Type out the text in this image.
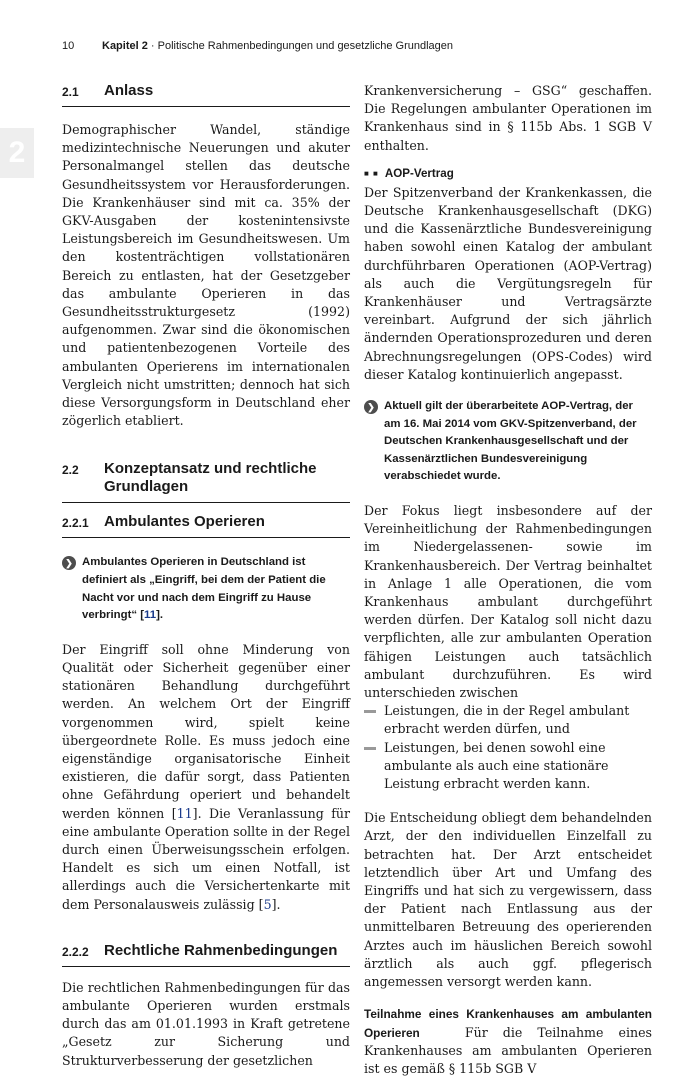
10	Kapitel 2 · Politische Rahmenbedingungen und gesetzliche Grundlagen
2
2.1	Anlass

Demographischer Wandel, ständige medizintechnische Neuerungen und akuter Personalmangel stellen das deutsche Gesundheitssystem vor Herausforderungen. Die Krankenhäuser sind mit ca. 35% der GKV-Ausgaben der kostenintensivste Leistungsbereich im Gesundheitswesen. Um den kostenträchtigen vollstationären Bereich zu entlasten, hat der Gesetzgeber das ambulante Operieren in das Gesundheitsstrukturgesetz (1992) aufgenommen. Zwar sind die ökonomischen und patientenbezogenen Vorteile des ambulanten Operierens im internationalen Vergleich nicht umstritten; dennoch hat sich diese Versorgungsform in Deutschland eher zögerlich etabliert.

2.2	Konzeptansatz und rechtliche Grundlagen
2.2.1	Ambulantes Operieren
❯ Ambulantes Operieren in Deutschland ist definiert als „Eingriff, bei dem der Patient die Nacht vor und nach dem Eingriff zu Hause verbringt“ [11].

Der Eingriff soll ohne Minderung von Qualität oder Sicherheit gegenüber einer stationären Behandlung durchgeführt werden. An welchem Ort der Eingriff vorgenommen wird, spielt keine übergeordnete Rolle. Es muss jedoch eine eigenständige organisatorische Einheit existieren, die dafür sorgt, dass Patienten ohne Gefährdung operiert und behandelt werden können [11]. Die Veranlassung für eine ambulante Operation sollte in der Regel durch einen Überweisungsschein erfolgen. Handelt es sich um einen Notfall, ist allerdings auch die Versichertenkarte mit dem Personalausweis zulässig [5].

2.2.2	Rechtliche Rahmenbedingungen

Die rechtlichen Rahmenbedingungen für das ambulante Operieren wurden erstmals durch das am 01.01.1993 in Kraft getretene „Gesetz zur Sicherung und Strukturverbesserung der gesetzlichen

Krankenversicherung – GSG“ geschaffen. Die Regelungen ambulanter Operationen im Krankenhaus sind in § 115b Abs. 1 SGB V enthalten.

■ ■ AOP-Vertrag

Der Spitzenverband der Krankenkassen, die Deutsche Krankenhausgesellschaft (DKG) und die Kassenärztliche Bundesvereinigung haben sowohl einen Katalog der ambulant durchführbaren Operationen (AOP-Vertrag) als auch die Vergütungsregeln für Krankenhäuser und Vertragsärzte vereinbart. Aufgrund der sich jährlich ändernden Operationsprozeduren und deren Abrechnungsregelungen (OPS-Codes) wird dieser Katalog kontinuierlich angepasst.

❯ Aktuell gilt der überarbeitete AOP-Vertrag, der am 16. Mai 2014 vom GKV-Spitzenverband, der Deutschen Krankenhausgesellschaft und der Kassenärztlichen Bundesvereinigung verabschiedet wurde.

Der Fokus liegt insbesondere auf der Vereinheitlichung der Rahmenbedingungen im Niedergelassenen- sowie im Krankenhausbereich. Der Vertrag beinhaltet in Anlage 1 alle Operationen, die vom Krankenhaus ambulant durchgeführt werden dürfen. Der Katalog soll nicht dazu verpflichten, alle zur ambulanten Operation fähigen Leistungen auch tatsächlich ambulant durchzuführen. Es wird unterschieden zwischen

Leistungen, die in der Regel ambulant erbracht werden dürfen, und
Leistungen, bei denen sowohl eine ambulante als auch eine stationäre Leistung erbracht werden kann.

Die Entscheidung obliegt dem behandelnden Arzt, der den individuellen Einzelfall zu betrachten hat. Der Arzt entscheidet letztendlich über Art und Umfang des Eingriffs und hat sich zu vergewissern, dass der Patient nach Entlassung aus der unmittelbaren Betreuung des operierenden Arztes auch im häuslichen Bereich sowohl ärztlich als auch ggf. pflegerisch angemessen versorgt werden kann.

Teilnahme eines Krankenhauses am ambulanten Operieren	Für die Teilnahme eines Krankenhauses am ambulanten Operieren ist es gemäß § 115b SGB V
